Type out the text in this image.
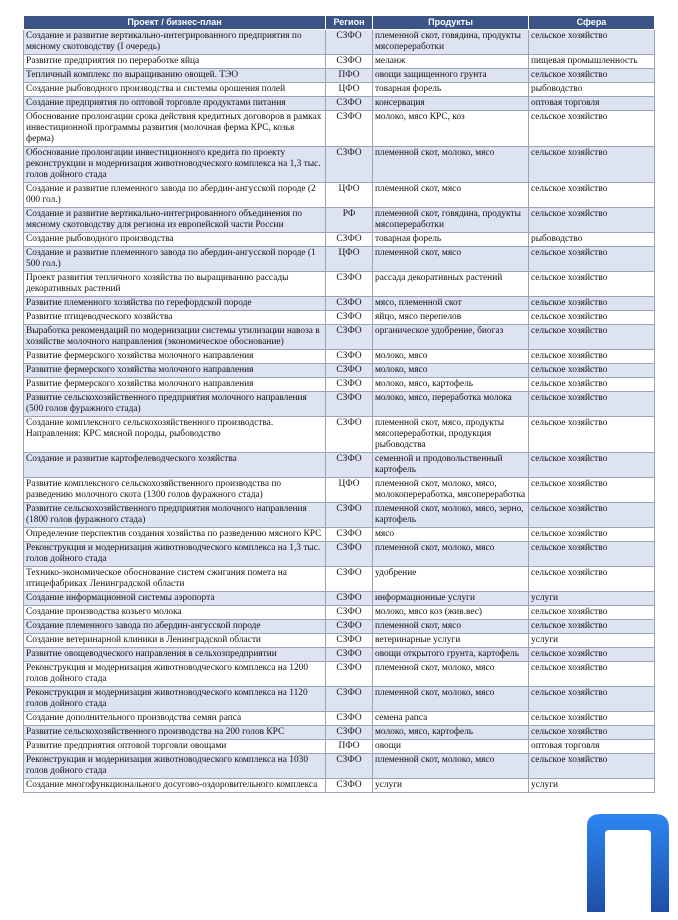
Проект / бизнес-план	Регион	Продукты	Сфера
Создание и развитие вертикально-интегрированного предприятия по мясному скотоводству (I очередь)	СЗФО	племенной скот, говядина, продукты мясопереработки	сельское хозяйство
Развитие предприятия по переработке яйца	СЗФО	меланж	пищевая промышленность
Тепличный комплекс по выращиванию овощей. ТЭО	ПФО	овощи защищенного грунта	сельское хозяйство
Создание рыбоводного производства и системы орошения полей	ЦФО	товарная форель	рыбоводство
Создание предприятия по оптовой торговле продуктами питания	СЗФО	консервация	оптовая торговля
Обоснование пролонгации срока действия кредитных договоров в рамках инвестиционной программы развития (молочная ферма КРС, козья ферма)	СЗФО	молоко, мясо КРС, коз	сельское хозяйство
Обоснование пролонгации инвестиционного кредита по проекту реконструкции и модернизация животноводческого комплекса на 1,3 тыс. голов дойного стада	СЗФО	племенной скот, молоко, мясо	сельское хозяйство
Создание и развитие племенного завода по абердин-ангусской породе (2 000 гол.)	ЦФО	племенной скот, мясо	сельское хозяйство
Создание и развитие вертикально-интегрированного объединения по мясному скотоводству для региона из европейской части России	РФ	племенной скот, говядина, продукты мясопереработки	сельское хозяйство
Создание рыбоводного производства	СЗФО	товарная форель	рыбоводство
Создание и развитие племенного завода по абердин-ангусской породе (1 500 гол.)	ЦФО	племенной скот, мясо	сельское хозяйство
Проект развития тепличного хозяйства по выращиванию рассады декоративных растений	СЗФО	рассада декоративных растений	сельское хозяйство
Развитие племенного хозяйства по герефордской породе	СЗФО	мясо, племенной скот	сельское хозяйство
Развитие птицеводческого хозяйства	СЗФО	яйцо, мясо перепелов	сельское хозяйство
Выработка рекомендаций по модернизации системы утилизации навоза в хозяйстве молочного направления (экономическое обоснование)	СЗФО	органическое удобрение, биогаз	сельское хозяйство
Развитие фермерского хозяйства молочного направления	СЗФО	молоко, мясо	сельское хозяйство
Развитие фермерского хозяйства молочного направления	СЗФО	молоко, мясо	сельское хозяйство
Развитие фермерского хозяйства молочного направления	СЗФО	молоко, мясо, картофель	сельское хозяйство
Развитие сельскохозяйственного предприятия молочного направления (500 голов фуражного стада)	СЗФО	молоко, мясо, переработка молока	сельское хозяйство
Создание комплексного сельскохозяйственного производства. Направления: КРС мясной породы, рыбоводство	СЗФО	племенной скот, мясо, продукты мясопереработки, продукция рыбоводства	сельское хозяйство
Создание и развитие картофелеводческого хозяйства	СЗФО	семенной и продовольственный картофель	сельское хозяйство
Развитие комплексного сельскохозяйственного производства по разведению молочного скота (1300 голов фуражного стада)	ЦФО	племенной скот, молоко, мясо, молокопереработка, мясопереработка	сельское хозяйство
Развитие сельскохозяйственного предприятия молочного направления (1800 голов фуражного стада)	СЗФО	племенной скот, молоко, мясо, зерно, картофель	сельское хозяйство
Определение перспектив создания хозяйства по разведению мясного КРС	СЗФО	мясо	сельское хозяйство
Реконструкция и модернизация животноводческого комплекса на 1,3 тыс. голов дойного стада	СЗФО	племенной скот, молоко, мясо	сельское хозяйство
Технико-экономическое обоснование систем сжигания помета на птицефабриках Ленинградской области	СЗФО	удобрение	сельское хозяйство
Создание информационной системы аэропорта	СЗФО	информационные услуги	услуги
Создание производства козьего молока	СЗФО	молоко, мясо коз (жив.вес)	сельское хозяйство
Создание племенного завода по абердин-ангусской породе	СЗФО	племенной скот, мясо	сельское хозяйство
Создание ветеринарной клиники в Ленинградской области	СЗФО	ветеринарные услуги	услуги
Развитие овощеводческого направления в сельхозпредприятии	СЗФО	овощи открытого грунта, картофель	сельское хозяйство
Реконструкция и модернизация животноводческого комплекса на 1200 голов дойного стада	СЗФО	племенной скот, молоко, мясо	сельское хозяйство
Реконструкция и модернизация животноводческого комплекса на 1120 голов дойного стада	СЗФО	племенной скот, молоко, мясо	сельское хозяйство
Создание дополнительного производства семян рапса	СЗФО	семена рапса	сельское хозяйство
Развитие сельскохозяйственного производства на 200 голов КРС	СЗФО	молоко, мясо, картофель	сельское хозяйство
Развитие предприятия оптовой торговли овощами	ПФО	овощи	оптовая торговля
Реконструкция и модернизация животноводческого комплекса на 1030 голов дойного стада	СЗФО	племенной скот, молоко, мясо	сельское хозяйство
Создание многофункционального досугово-оздоровительного комплекса	СЗФО	услуги	услуги
